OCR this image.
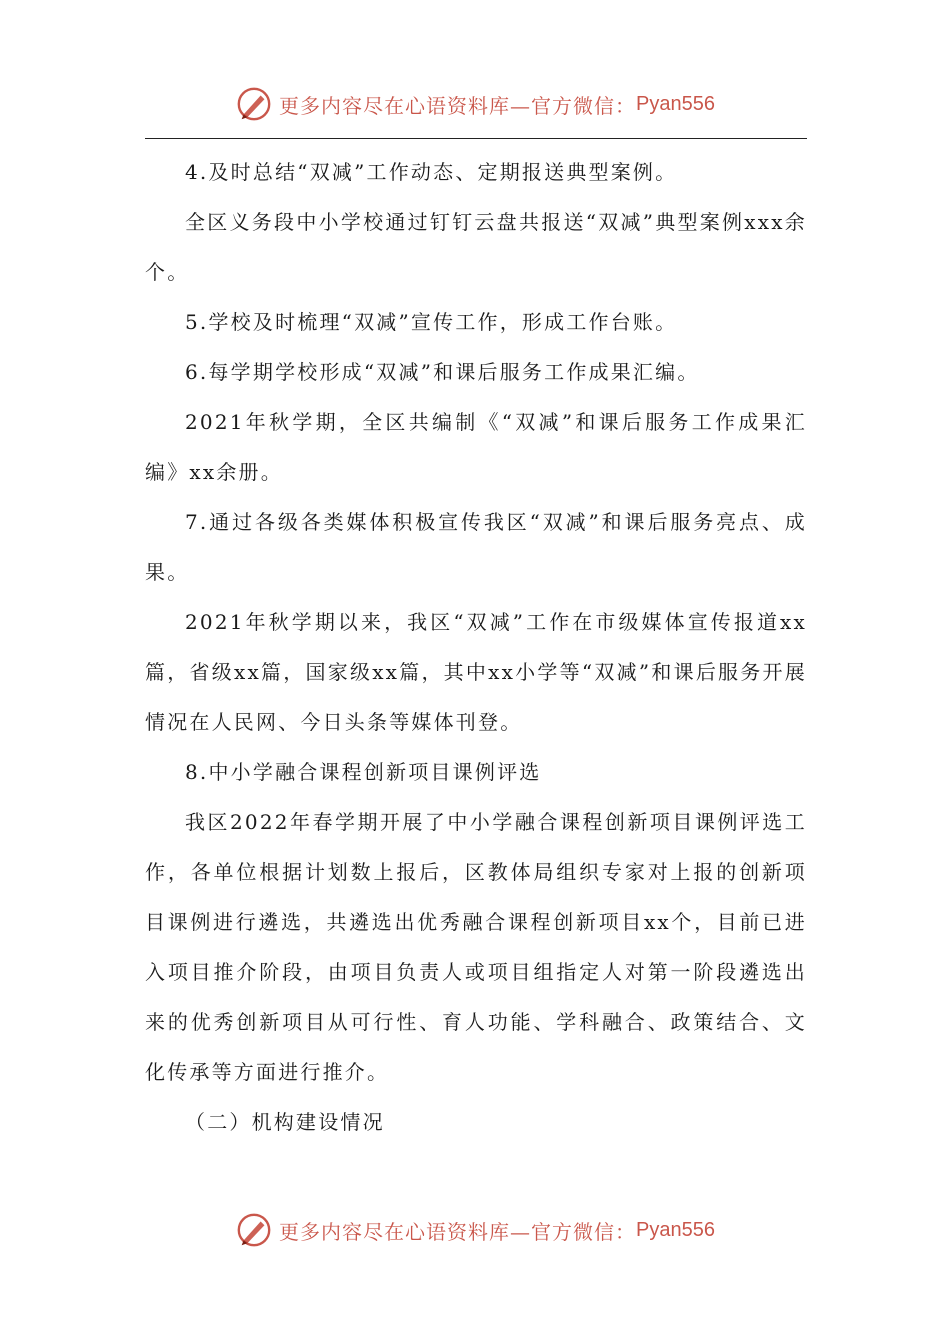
更多内容尽在心语资料库—官方微信： Pyan556

4.及时总结“双减”工作动态、定期报送典型案例。

全区义务段中小学校通过钉钉云盘共报送“双减”典型案例xxx余个。

5.学校及时梳理“双减”宣传工作，形成工作台账。

6.每学期学校形成“双减”和课后服务工作成果汇编。

2021年秋学期，全区共编制《“双减”和课后服务工作成果汇编》xx余册。

7.通过各级各类媒体积极宣传我区“双减”和课后服务亮点、成果。

2021年秋学期以来，我区“双减”工作在市级媒体宣传报道xx篇，省级xx篇，国家级xx篇，其中xx小学等“双减”和课后服务开展情况在人民网、今日头条等媒体刊登。

8.中小学融合课程创新项目课例评选

我区2022年春学期开展了中小学融合课程创新项目课例评选工作，各单位根据计划数上报后，区教体局组织专家对上报的创新项目课例进行遴选，共遴选出优秀融合课程创新项目xx个，目前已进入项目推介阶段，由项目负责人或项目组指定人对第一阶段遴选出来的优秀创新项目从可行性、育人功能、学科融合、政策结合、文化传承等方面进行推介。

（二）机构建设情况

更多内容尽在心语资料库—官方微信： Pyan556
